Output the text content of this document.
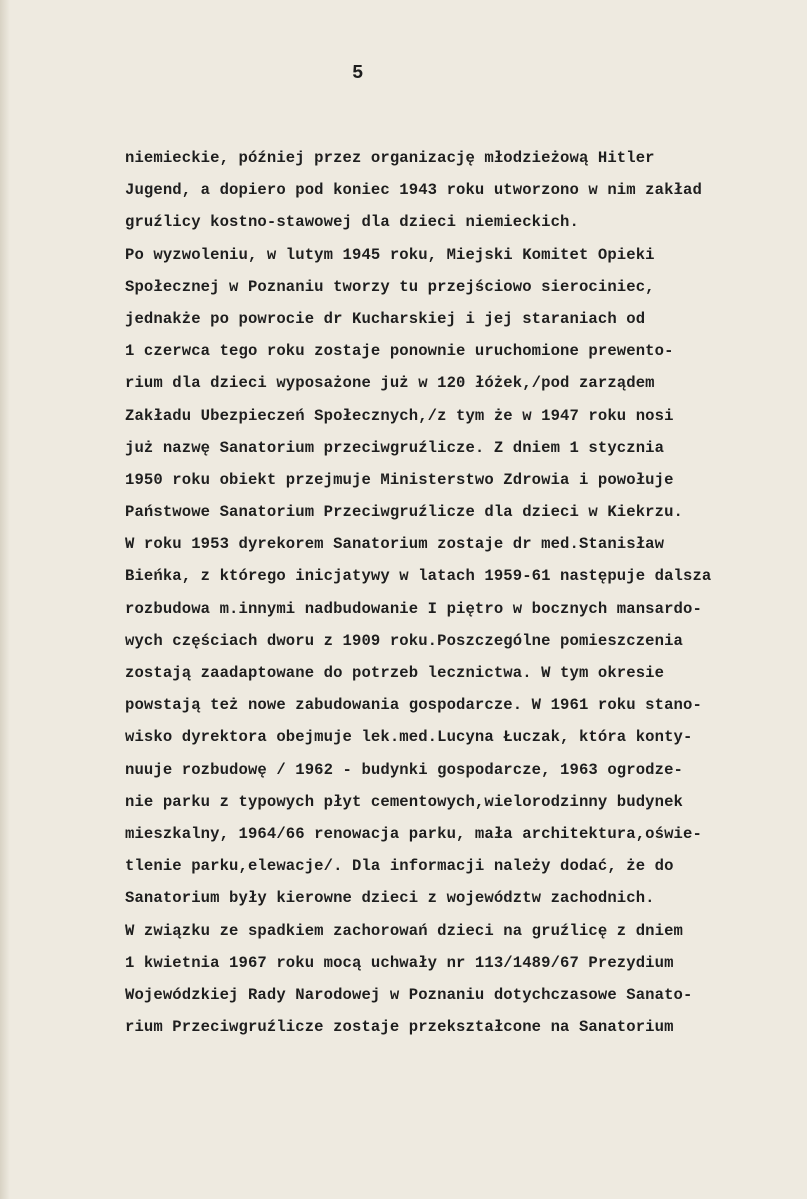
5
niemieckie, później przez organizację młodzieżową Hitler
Jugend, a dopiero pod koniec 1943 roku utworzono w nim zakład
gruźlicy kostno-stawowej dla dzieci niemieckich.
Po wyzwoleniu, w lutym 1945 roku, Miejski Komitet Opieki
Społecznej w Poznaniu tworzy tu przejściowo sierociniec,
jednakże po powrocie dr Kucharskiej i jej staraniach od
1 czerwca tego roku zostaje ponownie uruchomione prewento-
rium dla dzieci wyposażone już w 120 łóżek,/pod zarządem
Zakładu Ubezpieczeń Społecznych,/z tym że w 1947 roku nosi
już nazwę Sanatorium przeciwgruźlicze. Z dniem 1 stycznia
1950 roku obiekt przejmuje Ministerstwo Zdrowia i powołuje
Państwowe Sanatorium Przeciwgruźlicze dla dzieci w Kiekrzu.
W roku 1953 dyrekorem Sanatorium zostaje dr med.Stanisław
Bieńka, z którego inicjatywy w latach 1959-61 następuje dalsza
rozbudowa m.innymi nadbudowanie I piętro w bocznych mansardo-
wych częściach dworu z 1909 roku.Poszczególne pomieszczenia
zostają zaadaptowane do potrzeb lecznictwa. W tym okresie
powstają też nowe zabudowania gospodarcze. W 1961 roku stano-
wisko dyrektora obejmuje lek.med.Lucyna Łuczak, która konty-
nuuje rozbudowę / 1962 - budynki gospodarcze, 1963 ogrodze-
nie parku z typowych płyt cementowych,wielorodzinny budynek
mieszkalny, 1964/66 renowacja parku, mała architektura,oświe-
tlenie parku,elewacje/. Dla informacji należy dodać, że do
Sanatorium były kierowne dzieci z województw zachodnich.
W związku ze spadkiem zachorowań dzieci na gruźlicę z dniem
1 kwietnia 1967 roku mocą uchwały nr 113/1489/67 Prezydium
Wojewódzkiej Rady Narodowej w Poznaniu dotychczasowe Sanato-
rium Przeciwgruźlicze zostaje przekształcone na Sanatorium
